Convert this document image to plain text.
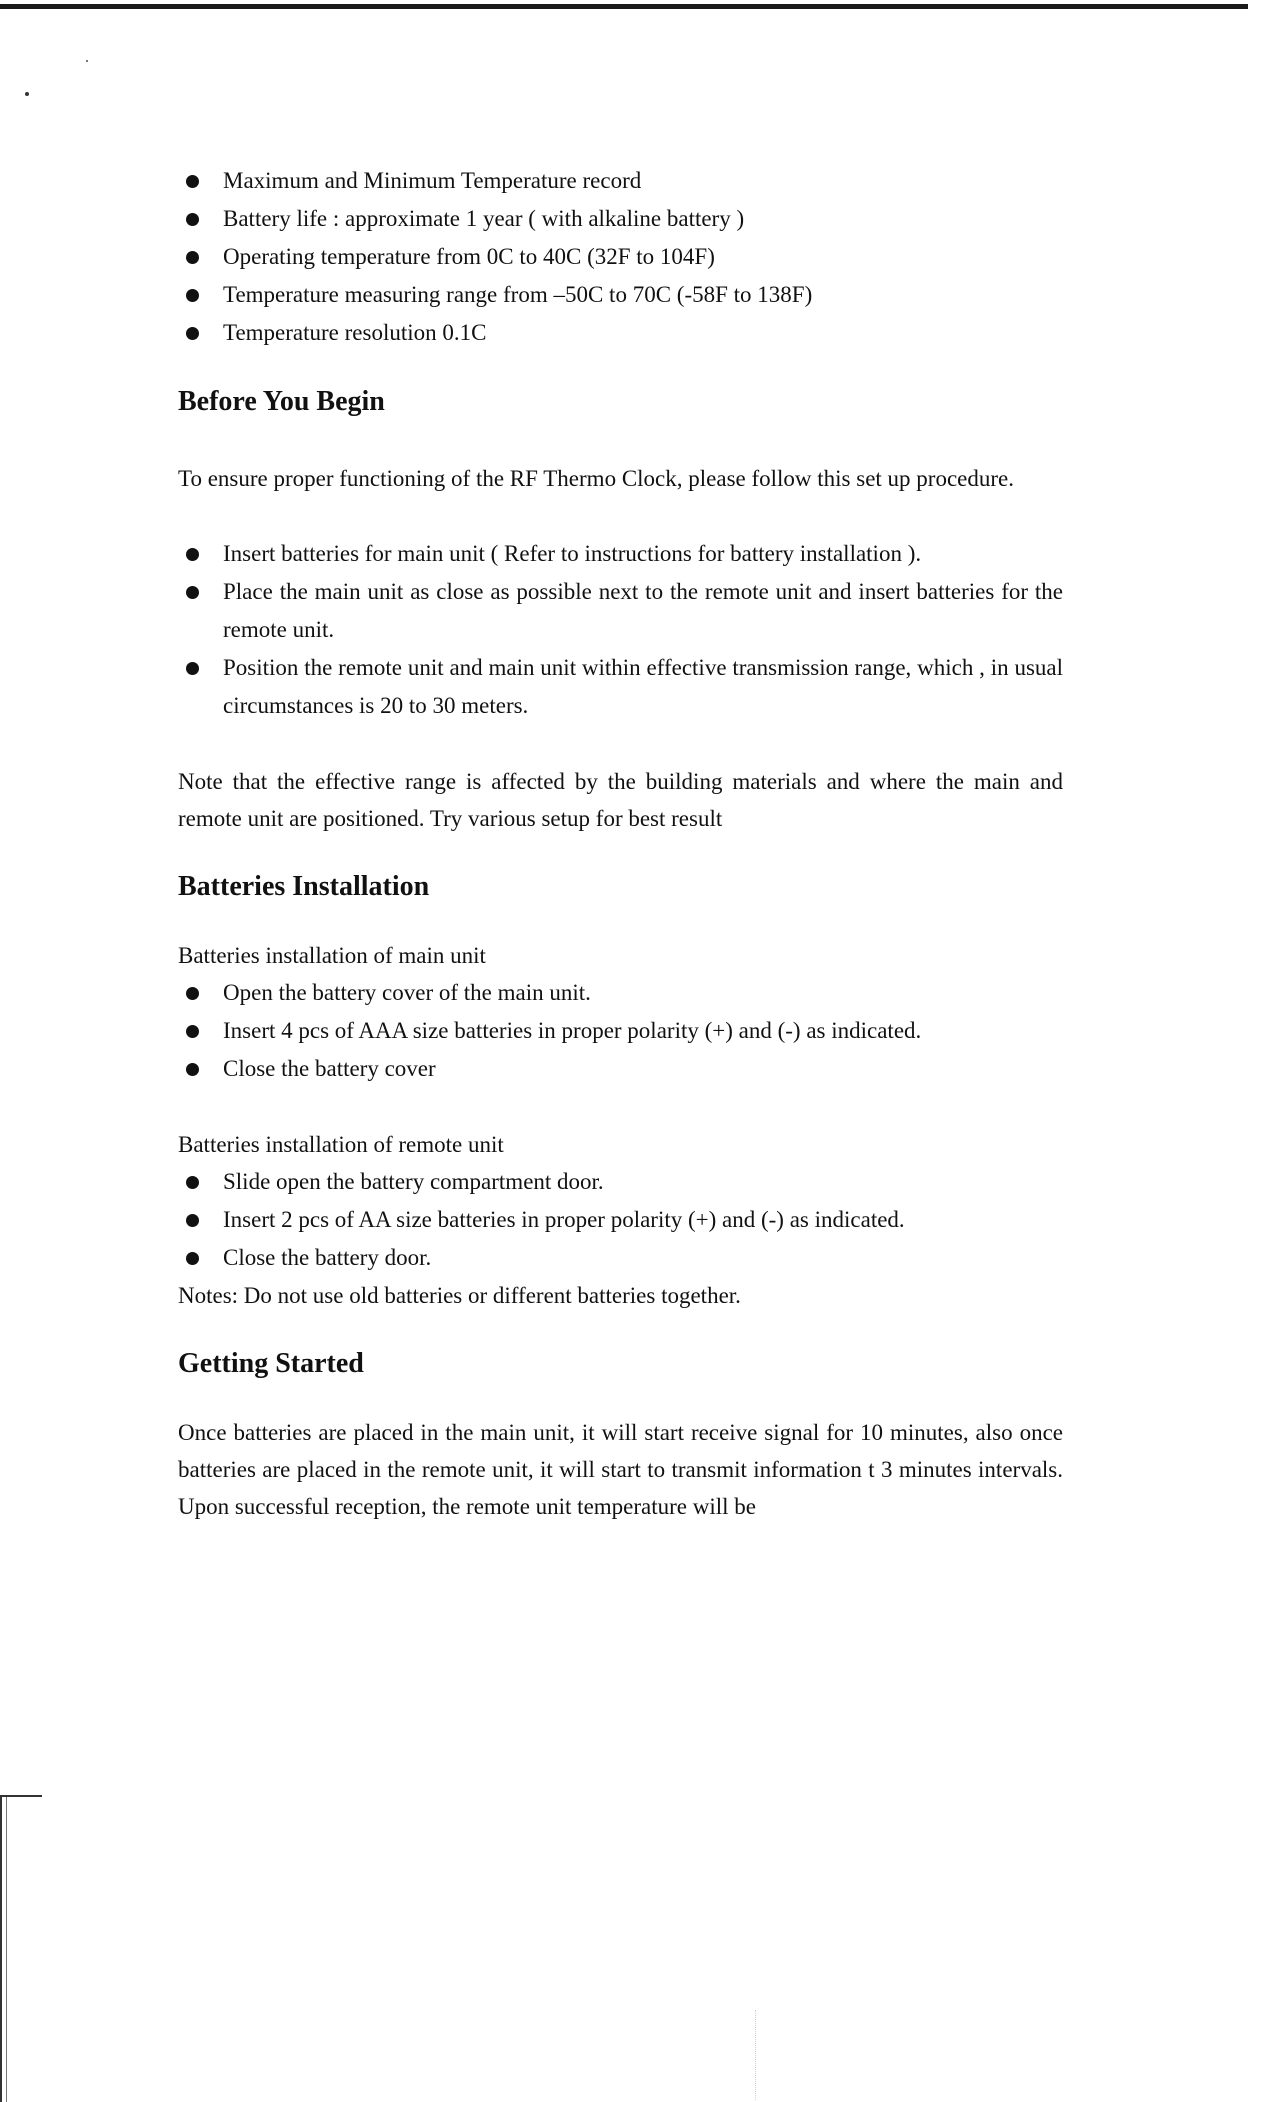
Maximum and Minimum Temperature record
Battery life : approximate 1 year ( with alkaline battery )
Operating temperature from 0C to 40C (32F to 104F)
Temperature measuring range from –50C to 70C (-58F to 138F)
Temperature resolution 0.1C
Before You Begin

To ensure proper functioning of the RF Thermo Clock, please follow this set up procedure.

Insert batteries for main unit ( Refer to instructions for battery installation ).
Place the main unit as close as possible next to the remote unit and insert batteries for the remote unit.
Position the remote unit and main unit within effective transmission range, which , in usual circumstances is 20 to 30 meters.

Note that the effective range is affected by the building materials and where the main and remote unit are positioned. Try various setup for best result

Batteries Installation

Batteries installation of main unit

Open the battery cover of the main unit.
Insert 4 pcs of AAA size batteries in proper polarity (+) and (-) as indicated.
Close the battery cover

Batteries installation of remote unit

Slide open the battery compartment door.
Insert 2 pcs of AA size batteries in proper polarity (+) and (-) as indicated.
Close the battery door.

Notes: Do not use old batteries or different batteries together.

Getting Started

Once batteries are placed in the main unit, it will start receive signal for 10 minutes, also once batteries are placed in the remote unit, it will start to transmit information t 3 minutes intervals. Upon successful reception, the remote unit temperature will be
